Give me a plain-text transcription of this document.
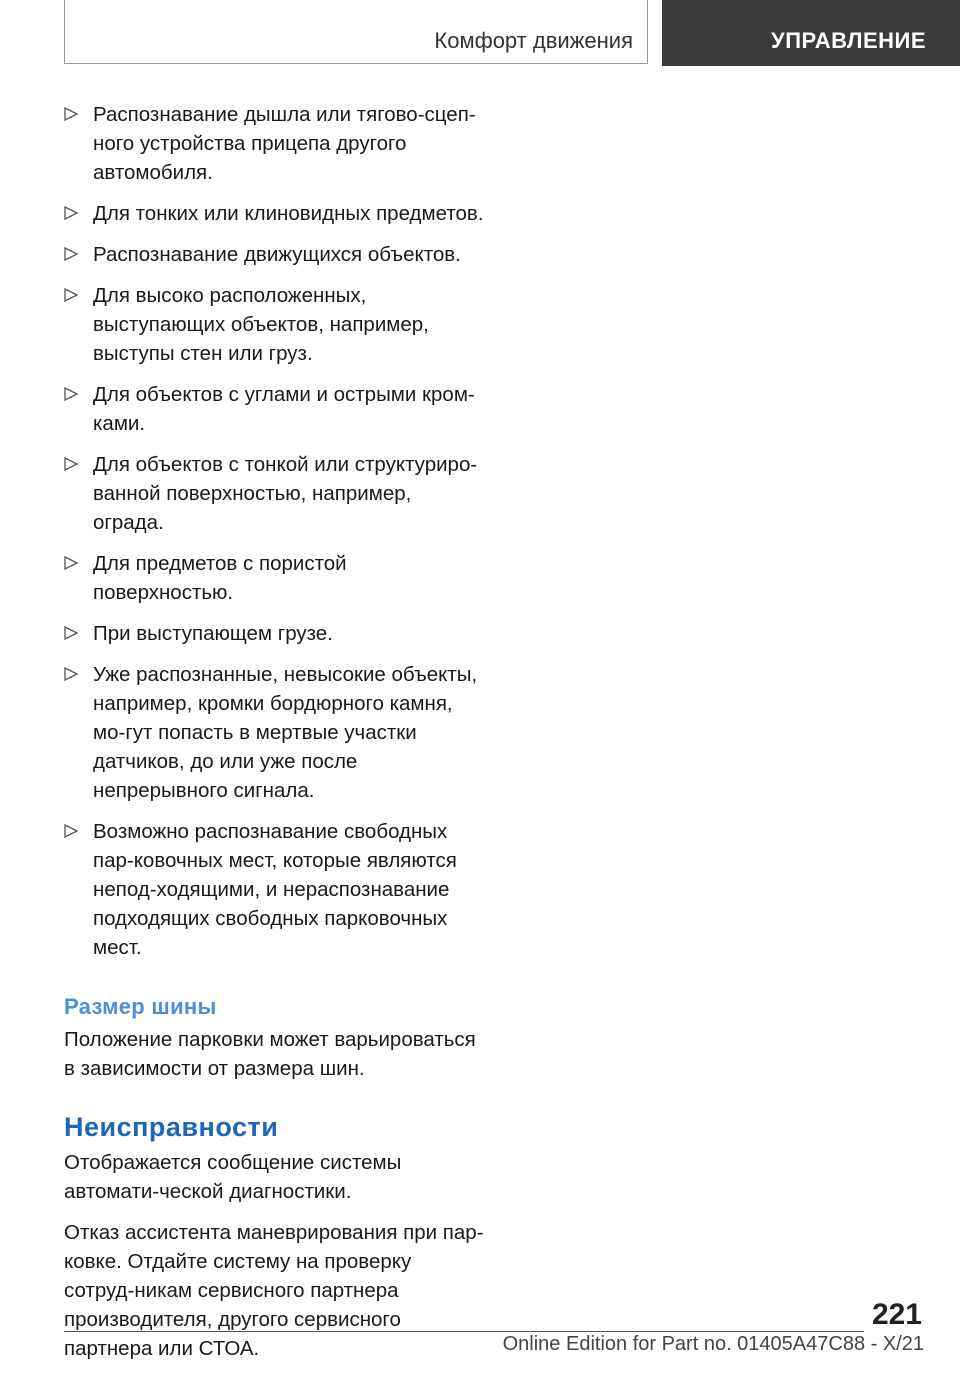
Комфорт движения	УПРАВЛЕНИЕ
Распознавание дышла или тягово-сцеп-ного устройства прицепа другого автомобиля.
Для тонких или клиновидных предметов.
Распознавание движущихся объектов.
Для высоко расположенных, выступающих объектов, например, выступы стен или груз.
Для объектов с углами и острыми кром-ками.
Для объектов с тонкой или структуриро-ванной поверхностью, например, ограда.
Для предметов с пористой поверхностью.
При выступающем грузе.
Уже распознанные, невысокие объекты, например, кромки бордюрного камня, мо-гут попасть в мертвые участки датчиков, до или уже после непрерывного сигнала.
Возможно распознавание свободных пар-ковочных мест, которые являются непод-ходящими, и нераспознавание подходящих свободных парковочных мест.
Размер шины

Положение парковки может варьироваться в зависимости от размера шин.

Неисправности

Отображается сообщение системы автомати-ческой диагностики.

Отказ ассистента маневрирования при пар-ковке. Отдайте систему на проверку сотруд-никам сервисного партнера производителя, другого сервисного партнера или СТОА.

221
Online Edition for Part no. 01405A47C88 - X/21
